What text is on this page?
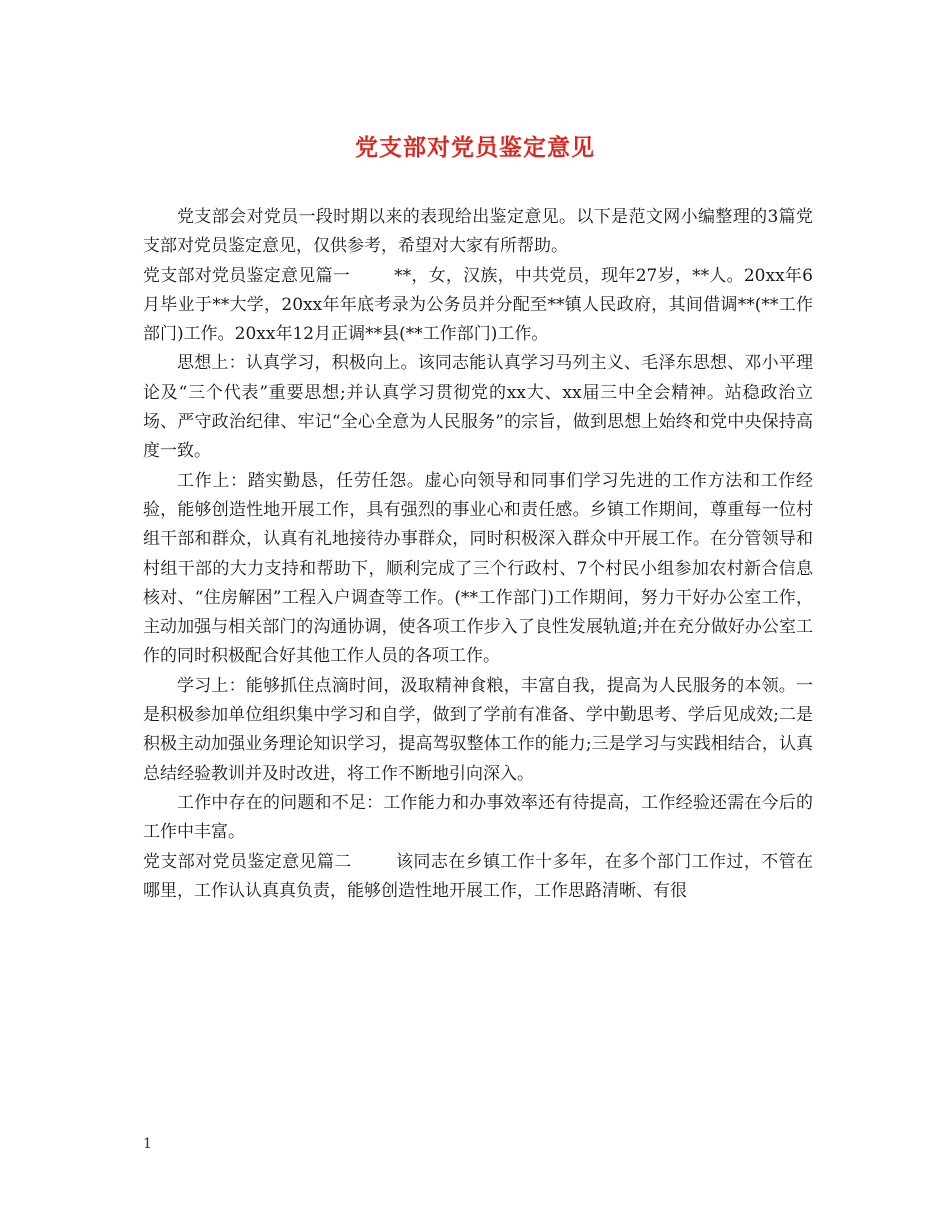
党支部对党员鉴定意见

党支部会对党员一段时期以来的表现给出鉴定意见。以下是范文网小编整理的3篇党支部对党员鉴定意见，仅供参考，希望对大家有所帮助。

党支部对党员鉴定意见篇一	**，女，汉族，中共党员，现年27岁，**人。20xx年6月毕业于**大学，20xx年年底考录为公务员并分配至**镇人民政府，其间借调**(**工作部门)工作。20xx年12月正调**县(**工作部门)工作。

思想上：认真学习，积极向上。该同志能认真学习马列主义、毛泽东思想、邓小平理论及“三个代表”重要思想;并认真学习贯彻党的xx大、xx届三中全会精神。站稳政治立场、严守政治纪律、牢记“全心全意为人民服务”的宗旨，做到思想上始终和党中央保持高度一致。

工作上：踏实勤恳，任劳任怨。虚心向领导和同事们学习先进的工作方法和工作经验，能够创造性地开展工作，具有强烈的事业心和责任感。乡镇工作期间，尊重每一位村组干部和群众，认真有礼地接待办事群众，同时积极深入群众中开展工作。在分管领导和村组干部的大力支持和帮助下，顺利完成了三个行政村、7个村民小组参加农村新合信息核对、“住房解困”工程入户调查等工作。(**工作部门)工作期间，努力干好办公室工作，主动加强与相关部门的沟通协调，使各项工作步入了良性发展轨道;并在充分做好办公室工作的同时积极配合好其他工作人员的各项工作。

学习上：能够抓住点滴时间，汲取精神食粮，丰富自我，提高为人民服务的本领。一是积极参加单位组织集中学习和自学，做到了学前有准备、学中勤思考、学后见成效;二是积极主动加强业务理论知识学习，提高驾驭整体工作的能力;三是学习与实践相结合，认真总结经验教训并及时改进，将工作不断地引向深入。

工作中存在的问题和不足：工作能力和办事效率还有待提高，工作经验还需在今后的工作中丰富。

党支部对党员鉴定意见篇二	该同志在乡镇工作十多年，在多个部门工作过，不管在哪里，工作认认真真负责，能够创造性地开展工作，工作思路清晰、有很

1
